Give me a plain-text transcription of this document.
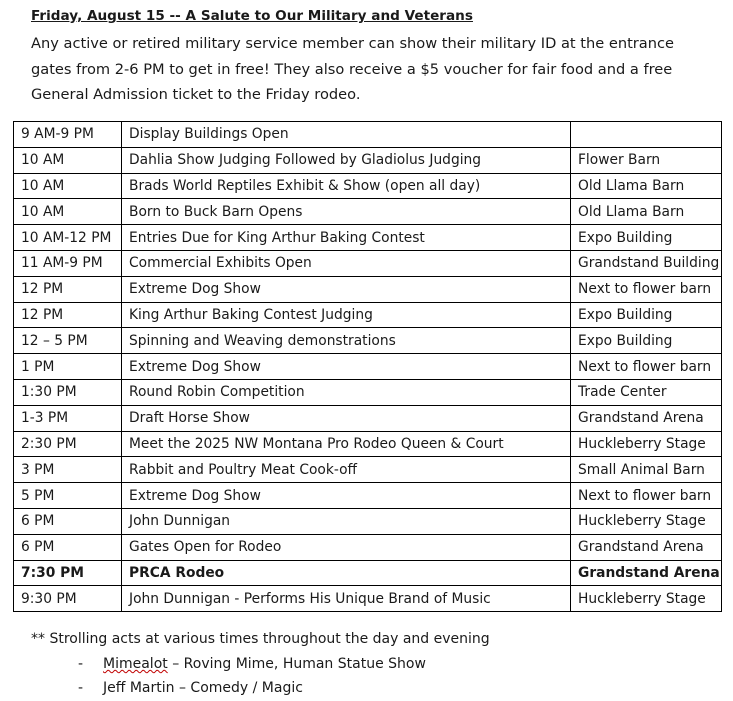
Friday, August 15 -- A Salute to Our Military and Veterans
Any active or retired military service member can show their military ID at the entrance gates from 2-6 PM to get in free! They also receive a $5 voucher for fair food and a free General Admission ticket to the Friday rodeo.
9 AM-9 PM	Display Buildings Open	
10 AM	Dahlia Show Judging Followed by Gladiolus Judging	Flower Barn
10 AM	Brads World Reptiles Exhibit & Show (open all day)	Old Llama Barn
10 AM	Born to Buck Barn Opens	Old Llama Barn
10 AM-12 PM	Entries Due for King Arthur Baking Contest	Expo Building
11 AM-9 PM	Commercial Exhibits Open	Grandstand Building
12 PM	Extreme Dog Show	Next to flower barn
12 PM	King Arthur Baking Contest Judging	Expo Building
12 – 5 PM	Spinning and Weaving demonstrations	Expo Building
1 PM	Extreme Dog Show	Next to flower barn
1:30 PM	Round Robin Competition	Trade Center
1-3 PM	Draft Horse Show	Grandstand Arena
2:30 PM	Meet the 2025 NW Montana Pro Rodeo Queen & Court	Huckleberry Stage
3 PM	Rabbit and Poultry Meat Cook-off	Small Animal Barn
5 PM	Extreme Dog Show	Next to flower barn
6 PM	John Dunnigan	Huckleberry Stage
6 PM	Gates Open for Rodeo	Grandstand Arena
7:30 PM	PRCA Rodeo	Grandstand Arena
9:30 PM	John Dunnigan - Performs His Unique Brand of Music	Huckleberry Stage
** Strolling acts at various times throughout the day and evening
- Mimealot – Roving Mime, Human Statue Show
- Jeff Martin – Comedy / Magic
